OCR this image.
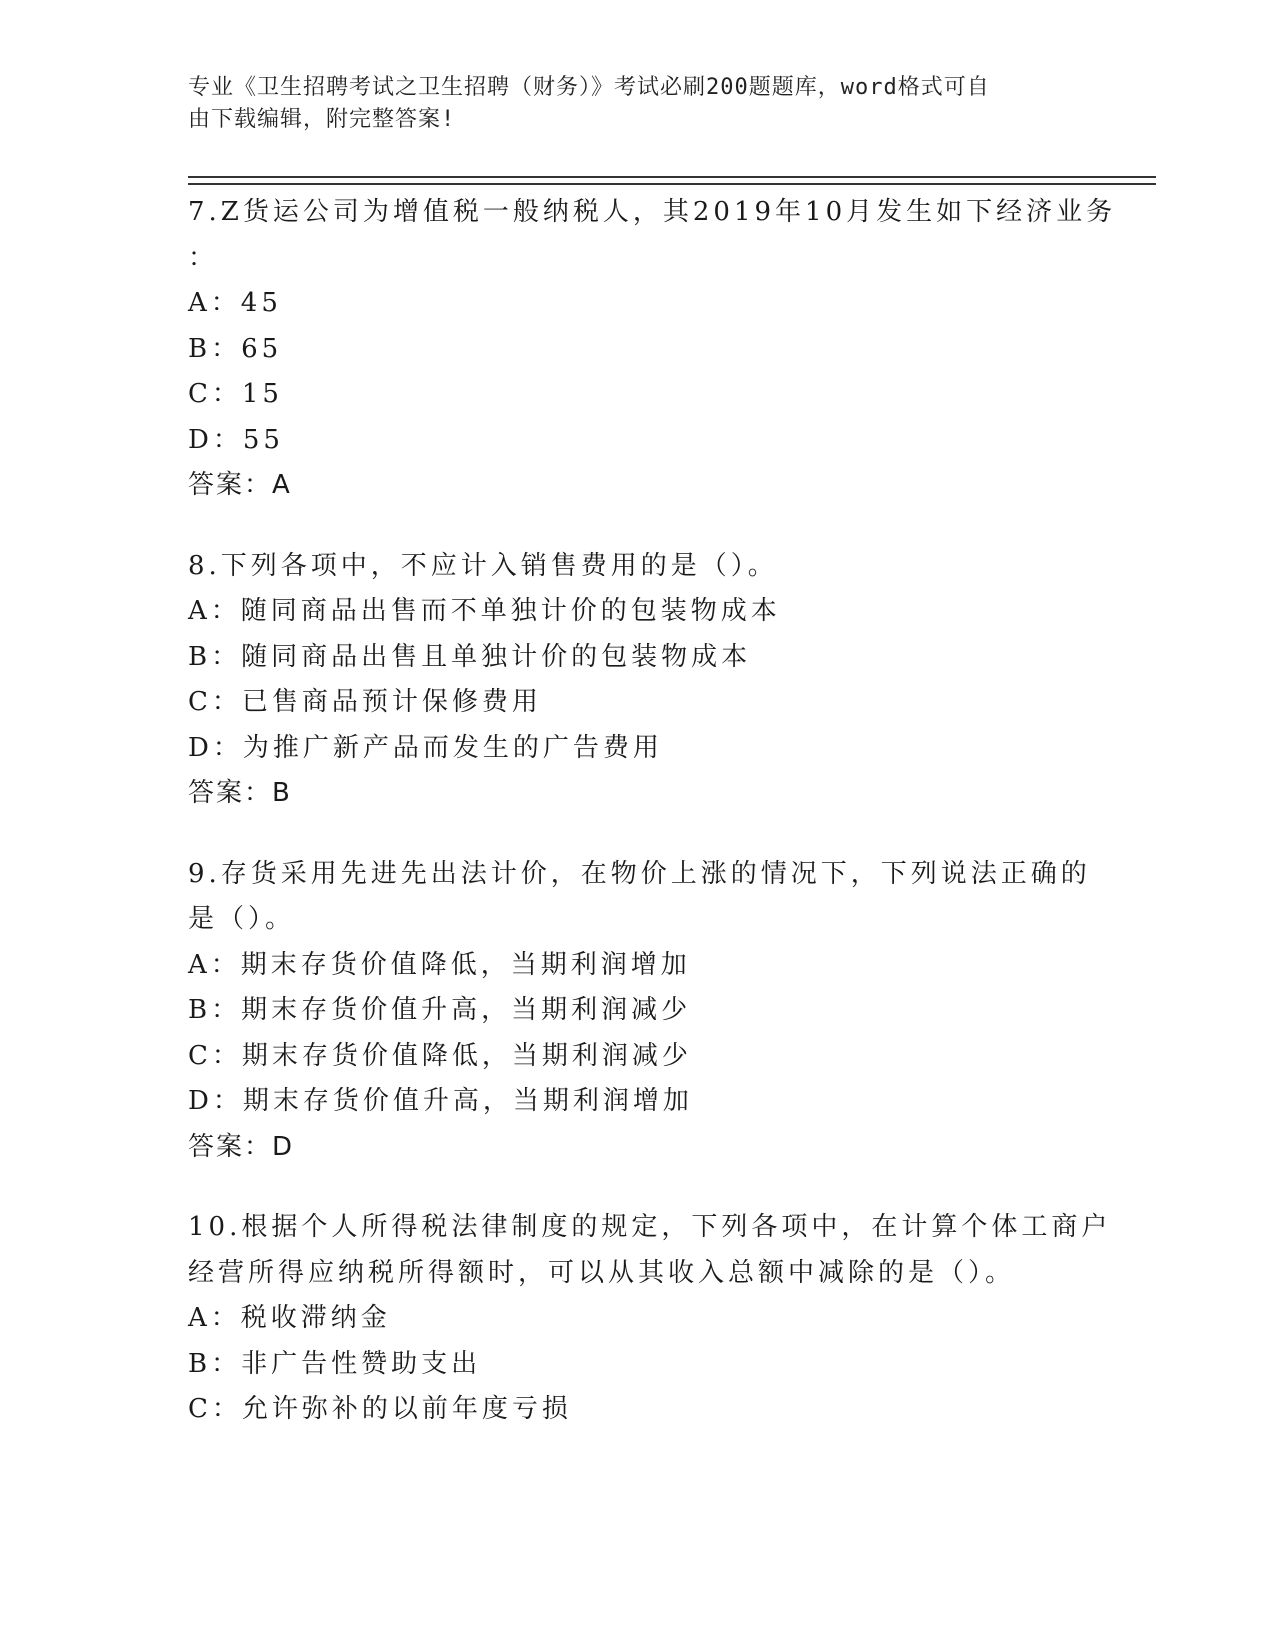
专业《卫生招聘考试之卫生招聘（财务）》考试必刷200题题库，word格式可自

由下载编辑，附完整答案!

7.Z货运公司为增值税一般纳税人，其2019年10月发生如下经济业务
：
A：45
B：65
C：15
D：55
答案：A
8.下列各项中，不应计入销售费用的是（）。
A：随同商品出售而不单独计价的包装物成本
B：随同商品出售且单独计价的包装物成本
C：已售商品预计保修费用
D：为推广新产品而发生的广告费用
答案：B
9.存货采用先进先出法计价，在物价上涨的情况下，下列说法正确的
是（）。
A：期末存货价值降低，当期利润增加
B：期末存货价值升高，当期利润减少
C：期末存货价值降低，当期利润减少
D：期末存货价值升高，当期利润增加
答案：D
10.根据个人所得税法律制度的规定，下列各项中，在计算个体工商户
经营所得应纳税所得额时，可以从其收入总额中减除的是（）。
A：税收滞纳金
B：非广告性赞助支出
C：允许弥补的以前年度亏损
